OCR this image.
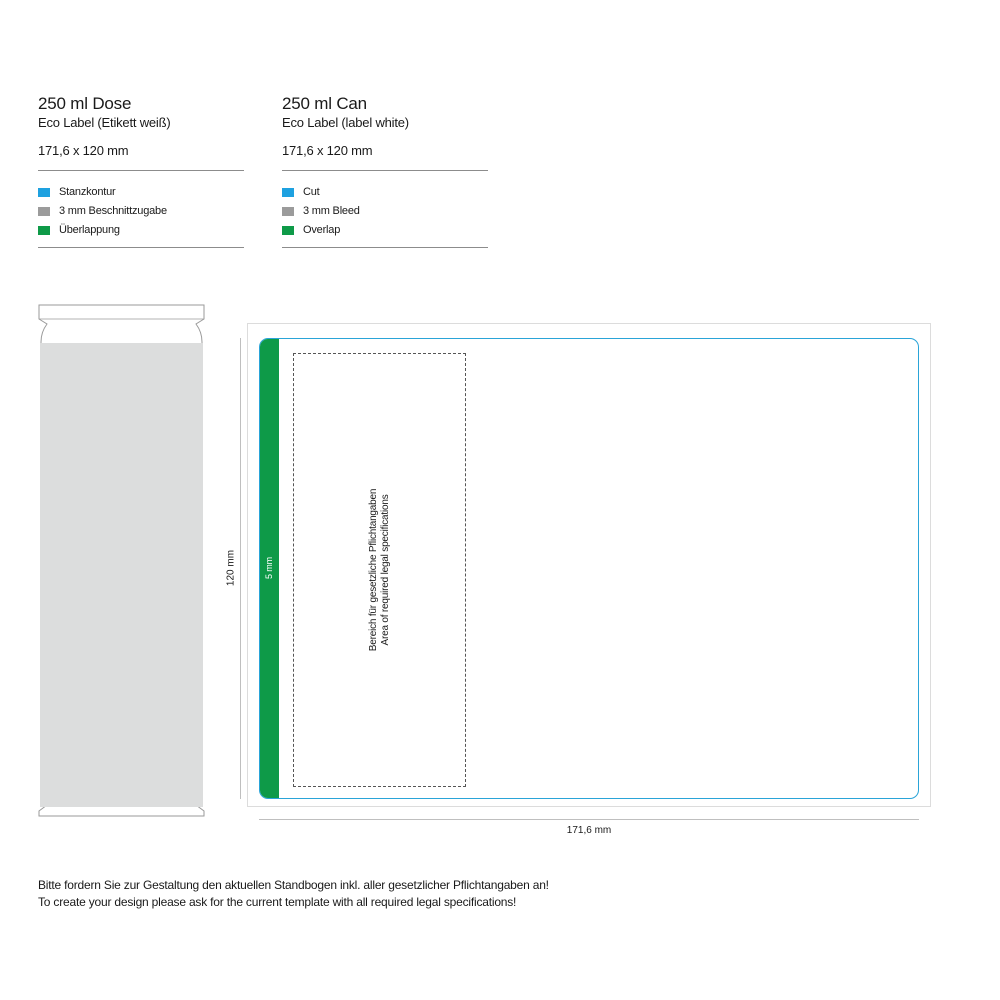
250 ml Dose
Eco Label (Etikett weiß)
171,6 x 120 mm
Stanzkontur
3 mm Beschnittzugabe
Überlappung
250 ml Can
Eco Label (label white)
171,6 x 120 mm
Cut
3 mm Bleed
Overlap
5 mm	Bereich für gesetzliche Pflichtangaben Area of required legal specifications
120 mm
171,6 mm
Bitte fordern Sie zur Gestaltung den aktuellen Standbogen inkl. aller gesetzlicher Pflichtangaben an!
To create your design please ask for the current template with all required legal specifications!
